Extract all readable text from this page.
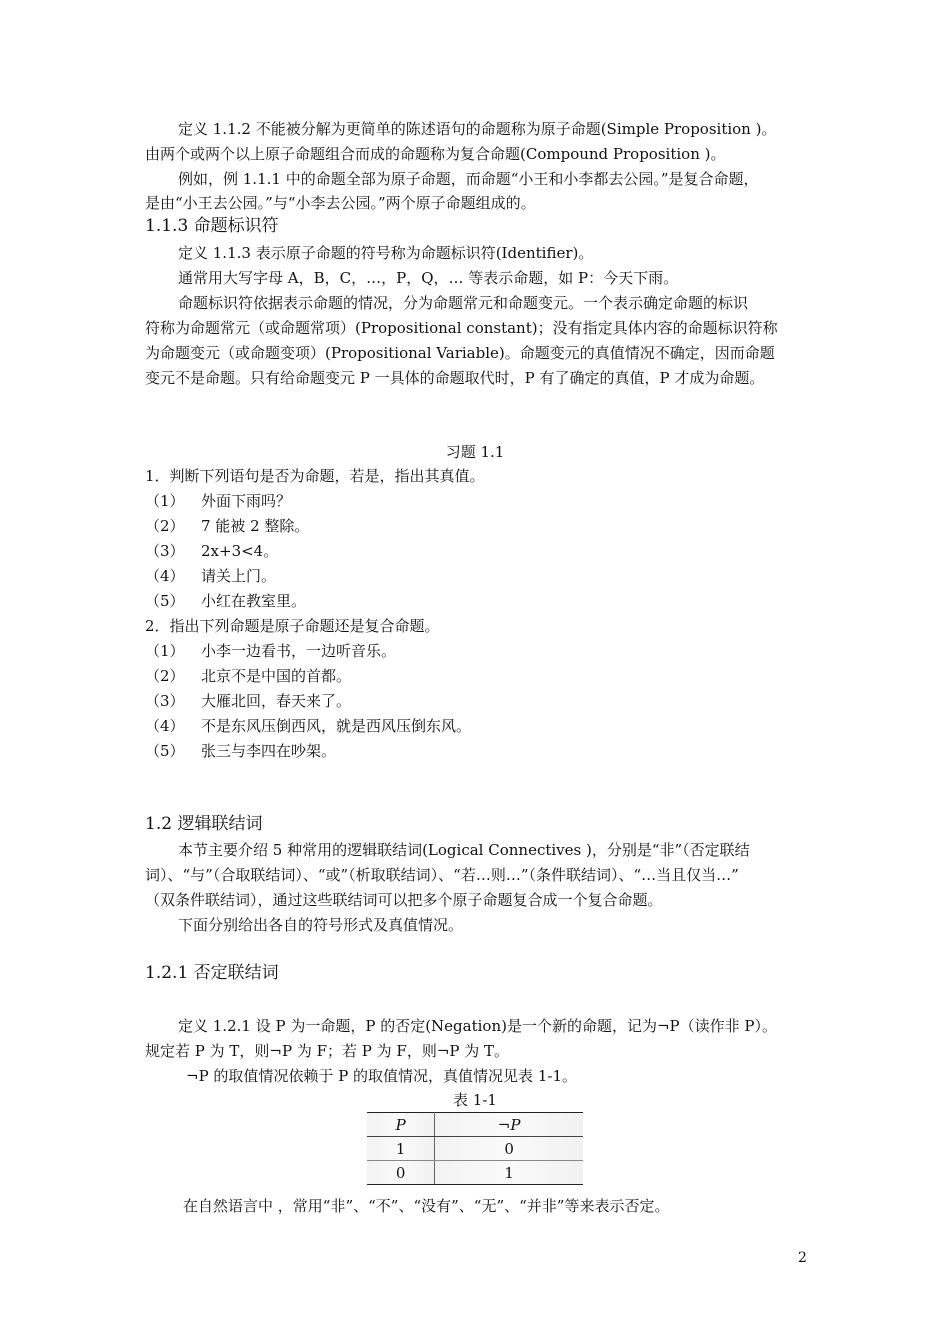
定义 1.1.2 不能被分解为更简单的陈述语句的命题称为原子命题(Simple Proposition )。
由两个或两个以上原子命题组合而成的命题称为复合命题(Compound Proposition )。
例如，例 1.1.1 中的命题全部为原子命题，而命题“小王和小李都去公园。”是复合命题，
是由“小王去公园。”与“小李去公园。”两个原子命题组成的。
1.1.3 命题标识符
定义 1.1.3 表示原子命题的符号称为命题标识符(Identifier)。
通常用大写字母 A，B，C，…，P，Q，… 等表示命题，如 P：今天下雨。
命题标识符依据表示命题的情况，分为命题常元和命题变元。一个表示确定命题的标识
符称为命题常元（或命题常项）(Propositional constant)；没有指定具体内容的命题标识符称
为命题变元（或命题变项）(Propositional Variable)。命题变元的真值情况不确定，因而命题
变元不是命题。只有给命题变元 P 一具体的命题取代时，P 有了确定的真值，P 才成为命题。
习题 1.1
1．判断下列语句是否为命题，若是，指出其真值。
（1） 外面下雨吗？
（2） 7 能被 2 整除。
（3） 2x+3<4。
（4） 请关上门。
（5） 小红在教室里。
2．指出下列命题是原子命题还是复合命题。
（1） 小李一边看书，一边听音乐。
（2） 北京不是中国的首都。
（3） 大雁北回，春天来了。
（4） 不是东风压倒西风，就是西风压倒东风。
（5） 张三与李四在吵架。
1.2 逻辑联结词
本节主要介绍 5 种常用的逻辑联结词(Logical Connectives )，分别是“非”（否定联结
词）、“与”（合取联结词）、“或”（析取联结词）、“若…则…”（条件联结词）、“…当且仅当…”
（双条件联结词），通过这些联结词可以把多个原子命题复合成一个复合命题。
下面分别给出各自的符号形式及真值情况。
1.2.1 否定联结词
定义 1.2.1 设 P 为一命题，P 的否定(Negation)是一个新的命题，记为¬P（读作非 P）。
规定若 P 为 T，则¬P 为 F；若 P 为 F，则¬P 为 T。
¬P 的取值情况依赖于 P 的取值情况，真值情况见表 1-1。
表 1-1
P	¬P
1	0
0	1
在自然语言中 ，常用“非”、“不”、“没有”、“无”、“并非”等来表示否定。
2
